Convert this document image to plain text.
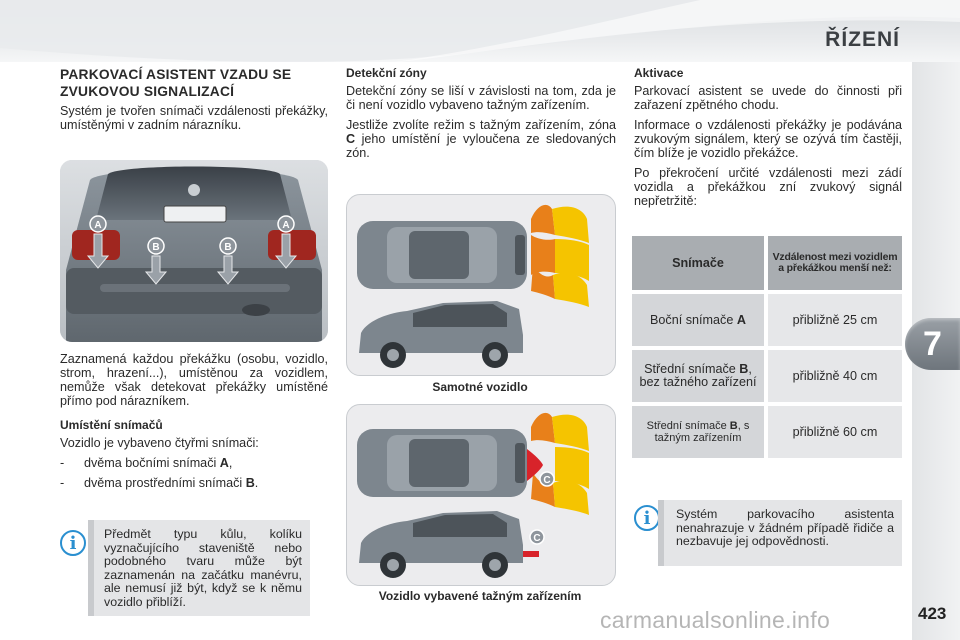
ŘÍZENÍ
7
423
PARKOVACÍ ASISTENT VZADU SE ZVUKOVOU SIGNALIZACÍ

Systém je tvořen snímači vzdálenosti překážky, umístěnými v zadním nárazníku.

A	A
B	B

Zaznamená každou překážku (osobu, vozidlo, strom, hrazení...), umístěnou za vozidlem, nemůže však detekovat překážky umístěné přímo pod nárazníkem.

Umístění snímačů

Vozidlo je vybaveno čtyřmi snímači:

-	dvěma bočními snímači A,
-	dvěma prostředními snímači B.
i	Předmět typu kůlu, kolíku vyznačujícího staveniště nebo podobného tvaru může být zaznamenán na začátku manévru, ale nemusí již být, když se k němu vozidlo přiblíží.
Detekční zóny

Detekční zóny se liší v závislosti na tom, zda je či není vozidlo vybaveno tažným zařízením.

Jestliže zvolíte režim s tažným zařízením, zóna C jeho umístění je vyloučena ze sledovaných zón.

Samotné vozidlo
C
C
Vozidlo vybavené tažným zařízením
Aktivace

Parkovací asistent se uvede do činnosti při zařazení zpětného chodu.

Informace o vzdálenosti překážky je podávána zvukovým signálem, který se ozývá tím častěji, čím blíže je vozidlo překážce.

Po překročení určité vzdálenosti mezi zádí vozidla a překážkou zní zvukový signál nepřetržitě:

Snímače	Vzdálenost mezi vozidlem a překážkou menší než:
Boční snímače A	přibližně 25 cm
Střední snímače B, bez tažného zařízení	přibližně 40 cm
Střední snímače B, s tažným zařízením	přibližně 60 cm
i	Systém parkovacího asistenta nenahrazuje v žádném případě řidiče a nezbavuje jej odpovědnosti.
carmanualsonline.info
